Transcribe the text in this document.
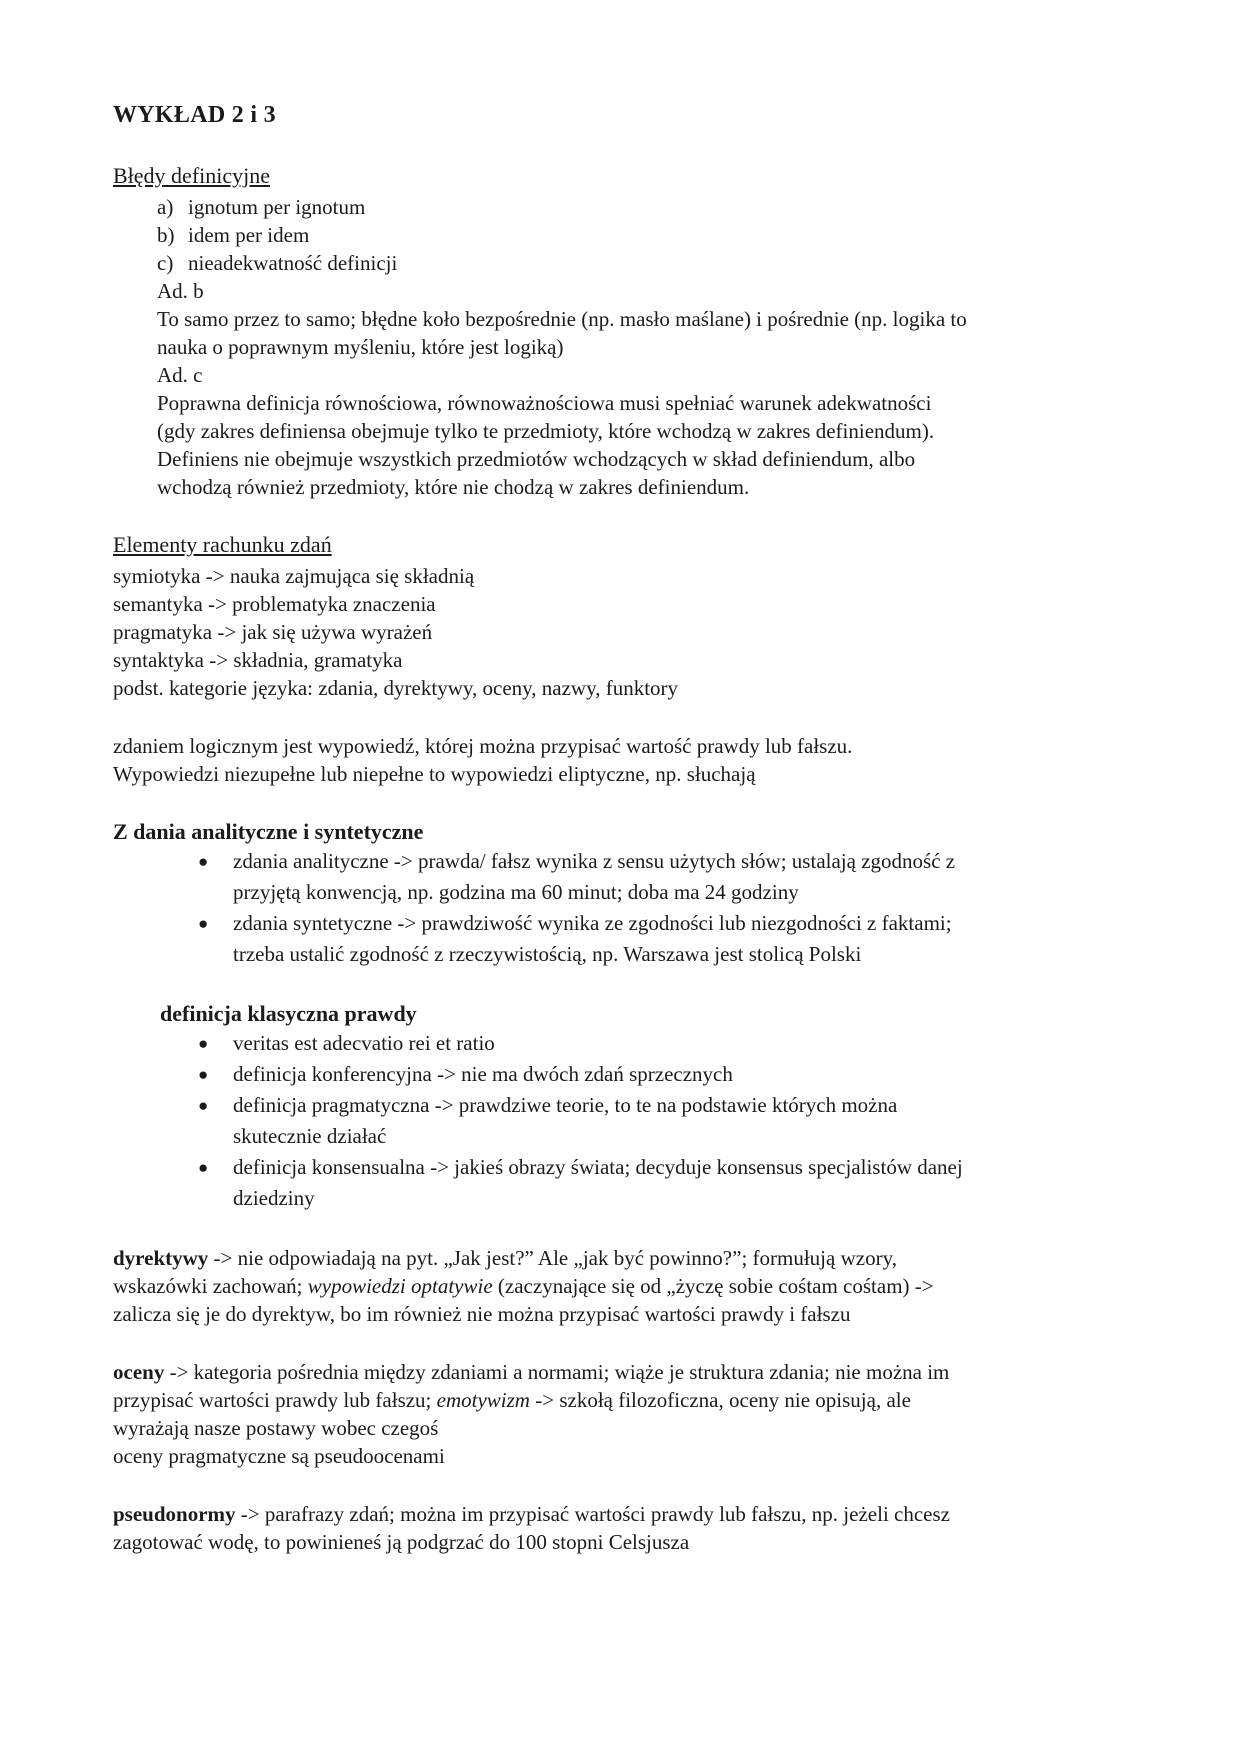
WYKŁAD 2 i 3
Błędy definicyjne
a) ignotum per ignotum
b) idem per idem
c) nieadekwatność definicji
Ad. b
To samo przez to samo; błędne koło bezpośrednie (np. masło maślane) i pośrednie (np. logika to
nauka o poprawnym myśleniu, które jest logiką)
Ad. c
Poprawna definicja równościowa, równoważnościowa musi spełniać warunek adekwatności
(gdy zakres definiensa obejmuje tylko te przedmioty, które wchodzą w zakres definiendum).
Definiens nie obejmuje wszystkich przedmiotów wchodzących w skład definiendum, albo
wchodzą również przedmioty, które nie chodzą w zakres definiendum.
Elementy rachunku zdań
symiotyka -> nauka zajmująca się składnią
semantyka -> problematyka znaczenia
pragmatyka -> jak się używa wyrażeń
syntaktyka -> składnia, gramatyka
podst. kategorie języka: zdania, dyrektywy, oceny, nazwy, funktory
zdaniem logicznym jest wypowiedź, której można przypisać wartość prawdy lub fałszu.
Wypowiedzi niezupełne lub niepełne to wypowiedzi eliptyczne, np. słuchają
Z dania analityczne i syntetyczne
●	zdania analityczne -> prawda/ fałsz wynika z sensu użytych słów; ustalają zgodność z
przyjętą konwencją, np. godzina ma 60 minut; doba ma 24 godziny
●	zdania syntetyczne -> prawdziwość wynika ze zgodności lub niezgodności z faktami;
trzeba ustalić zgodność z rzeczywistością, np. Warszawa jest stolicą Polski
definicja klasyczna prawdy
●	veritas est adecvatio rei et ratio
●	definicja konferencyjna -> nie ma dwóch zdań sprzecznych
●	definicja pragmatyczna -> prawdziwe teorie, to te na podstawie których można
skutecznie działać
●	definicja konsensualna -> jakieś obrazy świata; decyduje konsensus specjalistów danej
dziedziny
dyrektywy -> nie odpowiadają na pyt. „Jak jest?” Ale „jak być powinno?”; formułują wzory,
wskazówki zachowań; wypowiedzi optatywie (zaczynające się od „życzę sobie cośtam cośtam) ->
zalicza się je do dyrektyw, bo im również nie można przypisać wartości prawdy i fałszu
oceny -> kategoria pośrednia między zdaniami a normami; wiąże je struktura zdania; nie można im
przypisać wartości prawdy lub fałszu; emotywizm -> szkołą filozoficzna, oceny nie opisują, ale
wyrażają nasze postawy wobec czegoś
oceny pragmatyczne są pseudoocenami
pseudonormy -> parafrazy zdań; można im przypisać wartości prawdy lub fałszu, np. jeżeli chcesz
zagotować wodę, to powinieneś ją podgrzać do 100 stopni Celsjusza
